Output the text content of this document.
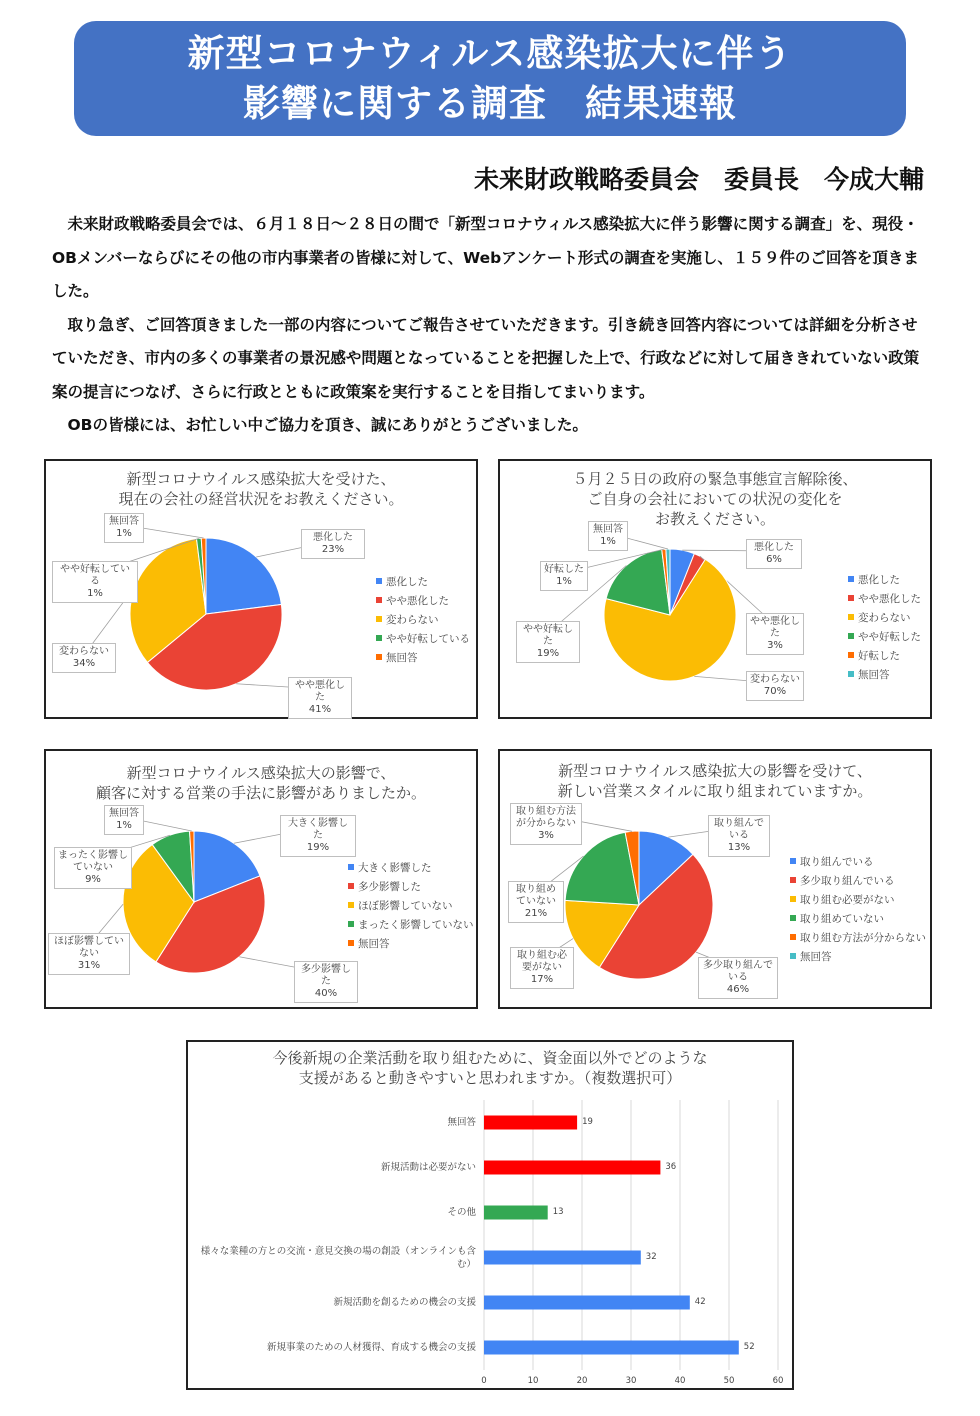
新型コロナウィルス感染拡大に伴う
影響に関する調査　結果速報
未来財政戦略委員会　委員長　今成大輔

未来財政戦略委員会では、６月１８日～２８日の間で「新型コロナウィルス感染拡大に伴う影響に関する調査」を、現役・OBメンバーならびにその他の市内事業者の皆様に対して、Webアンケート形式の調査を実施し、１５９件のご回答を頂きました。

取り急ぎ、ご回答頂きました一部の内容についてご報告させていただきます。引き続き回答内容については詳細を分析させていただき、市内の多くの事業者の景況感や問題となっていることを把握した上で、行政などに対して届ききれていない政策案の提言につなげ、さらに行政とともに政策案を実行することを目指してまいります。

OBの皆様には、お忙しい中ご協力を頂き、誠にありがとうございました。

新型コロナウイルス感染拡大を受けた、
現在の会社の経営状況をお教えください。
悪化した
23%
やや悪化した
41%
変わらない
34%
やや好転している
1%
無回答
1%
悪化した
やや悪化した
変わらない
やや好転している
無回答
５月２５日の政府の緊急事態宣言解除後、
ご自身の会社においての状況の変化を
お教えください。
悪化した
6%
やや悪化した
3%
変わらない
70%
やや好転した
19%
好転した
1%
無回答
1%
悪化した
やや悪化した
変わらない
やや好転した
好転した
無回答
新型コロナウイルス感染拡大の影響で、
顧客に対する営業の手法に影響がありましたか。
大きく影響した
19%
多少影響した
40%
ほぼ影響していない
31%
まったく影響していない
9%
無回答
1%
大きく影響した
多少影響した
ほぼ影響していない
まったく影響していない
無回答
新型コロナウイルス感染拡大の影響を受けて、
新しい営業スタイルに取り組まれていますか。
取り組んでいる
13%
多少取り組んでいる
46%
取り組む必要がない
17%
取り組めていない
21%
取り組む方法が分からない
3%
取り組んでいる
多少取り組んでいる
取り組む必要がない
取り組めていない
取り組む方法が分からない
無回答
今後新規の企業活動を取り組むために、資金面以外でどのような
支援があると動きやすいと思われますか。（複数選択可）
0	10	20	30	40	50	60
19
無回答
36
新規活動は必要がない
13
その他
32
様々な業種の方との交流・意見交換の場の創設（オンラインも含む）
42
新規活動を創るための機会の支援
52
新規事業のための人材獲得、育成する機会の支援
